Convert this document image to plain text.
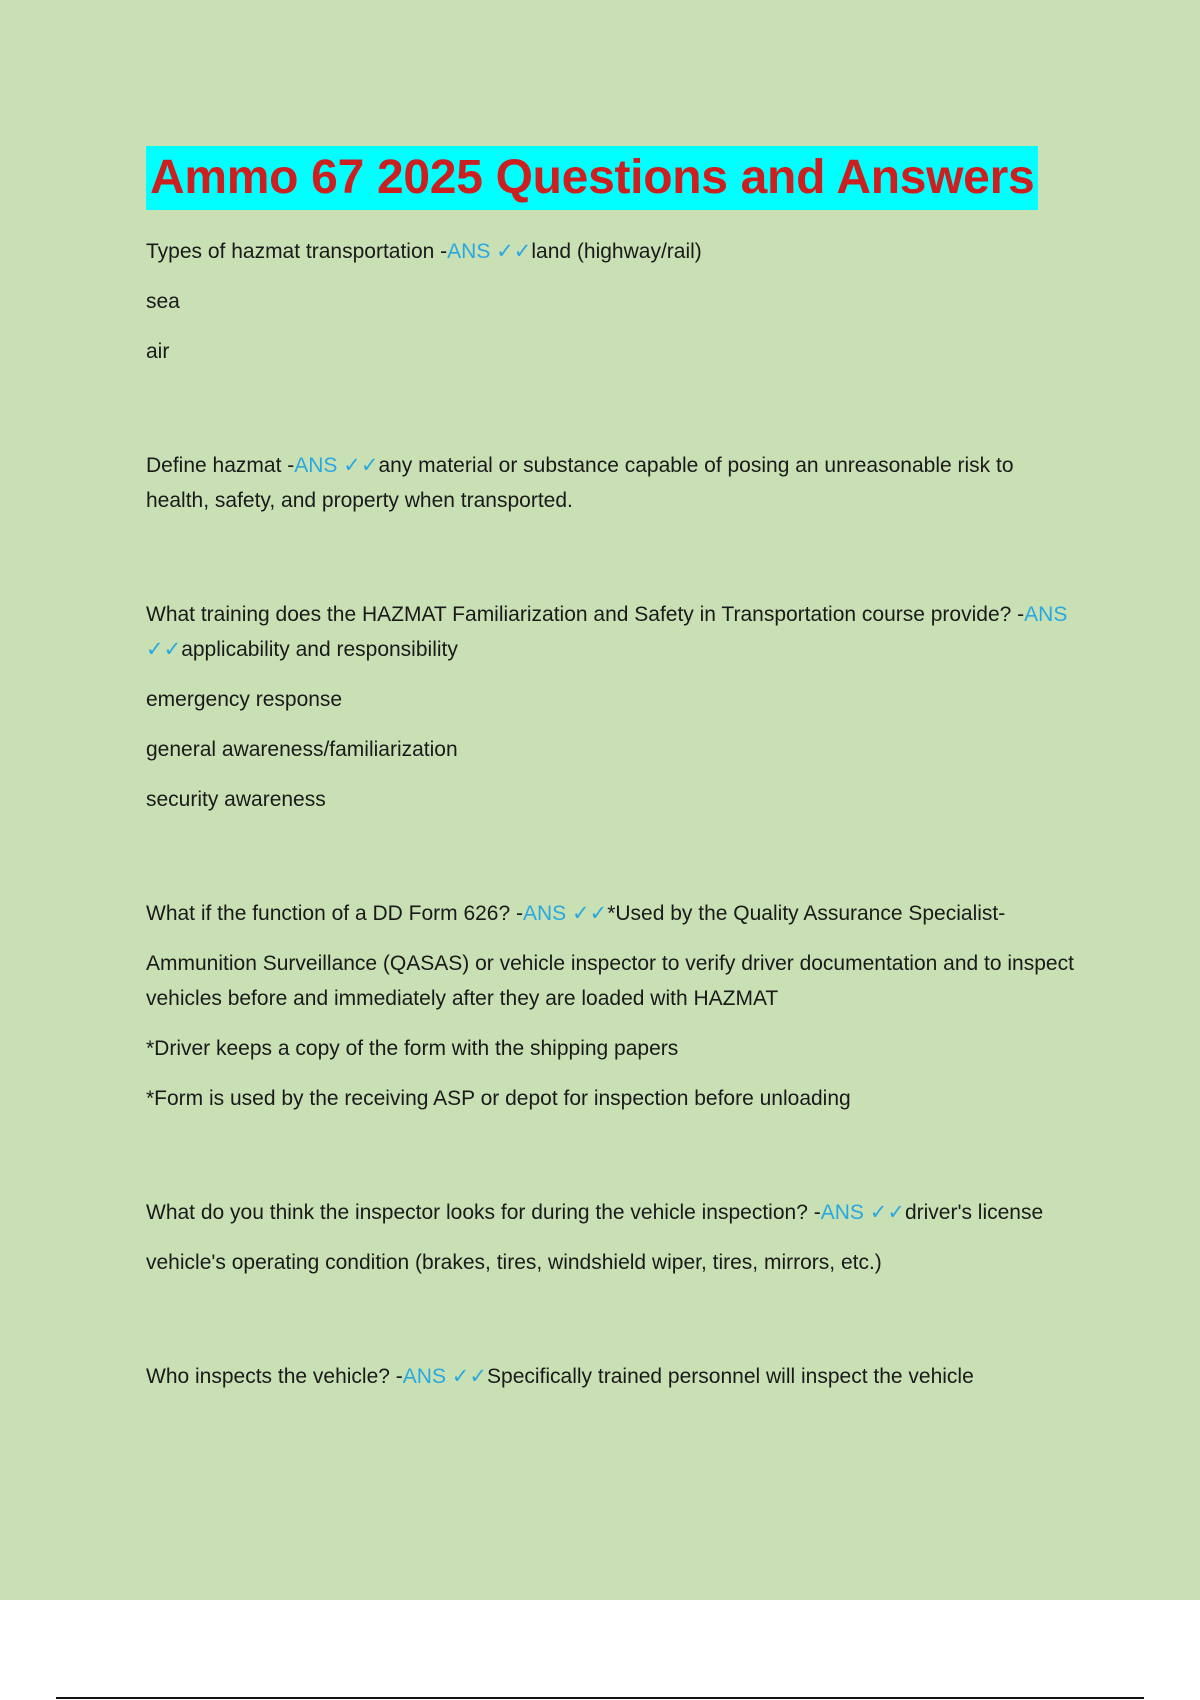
Ammo 67 2025 Questions and Answers

Types of hazmat transportation -ANS ✓✓land (highway/rail)

sea

air

Define hazmat -ANS ✓✓any material or substance capable of posing an unreasonable risk to health, safety, and property when transported.

What training does the HAZMAT Familiarization and Safety in Transportation course provide? -ANS ✓✓applicability and responsibility

emergency response

general awareness/familiarization

security awareness

What if the function of a DD Form 626? -ANS ✓✓*Used by the Quality Assurance Specialist-

Ammunition Surveillance (QASAS) or vehicle inspector to verify driver documentation and to inspect vehicles before and immediately after they are loaded with HAZMAT

*Driver keeps a copy of the form with the shipping papers

*Form is used by the receiving ASP or depot for inspection before unloading

What do you think the inspector looks for during the vehicle inspection? -ANS ✓✓driver's license

vehicle's operating condition (brakes, tires, windshield wiper, tires, mirrors, etc.)

Who inspects the vehicle? -ANS ✓✓Specifically trained personnel will inspect the vehicle
